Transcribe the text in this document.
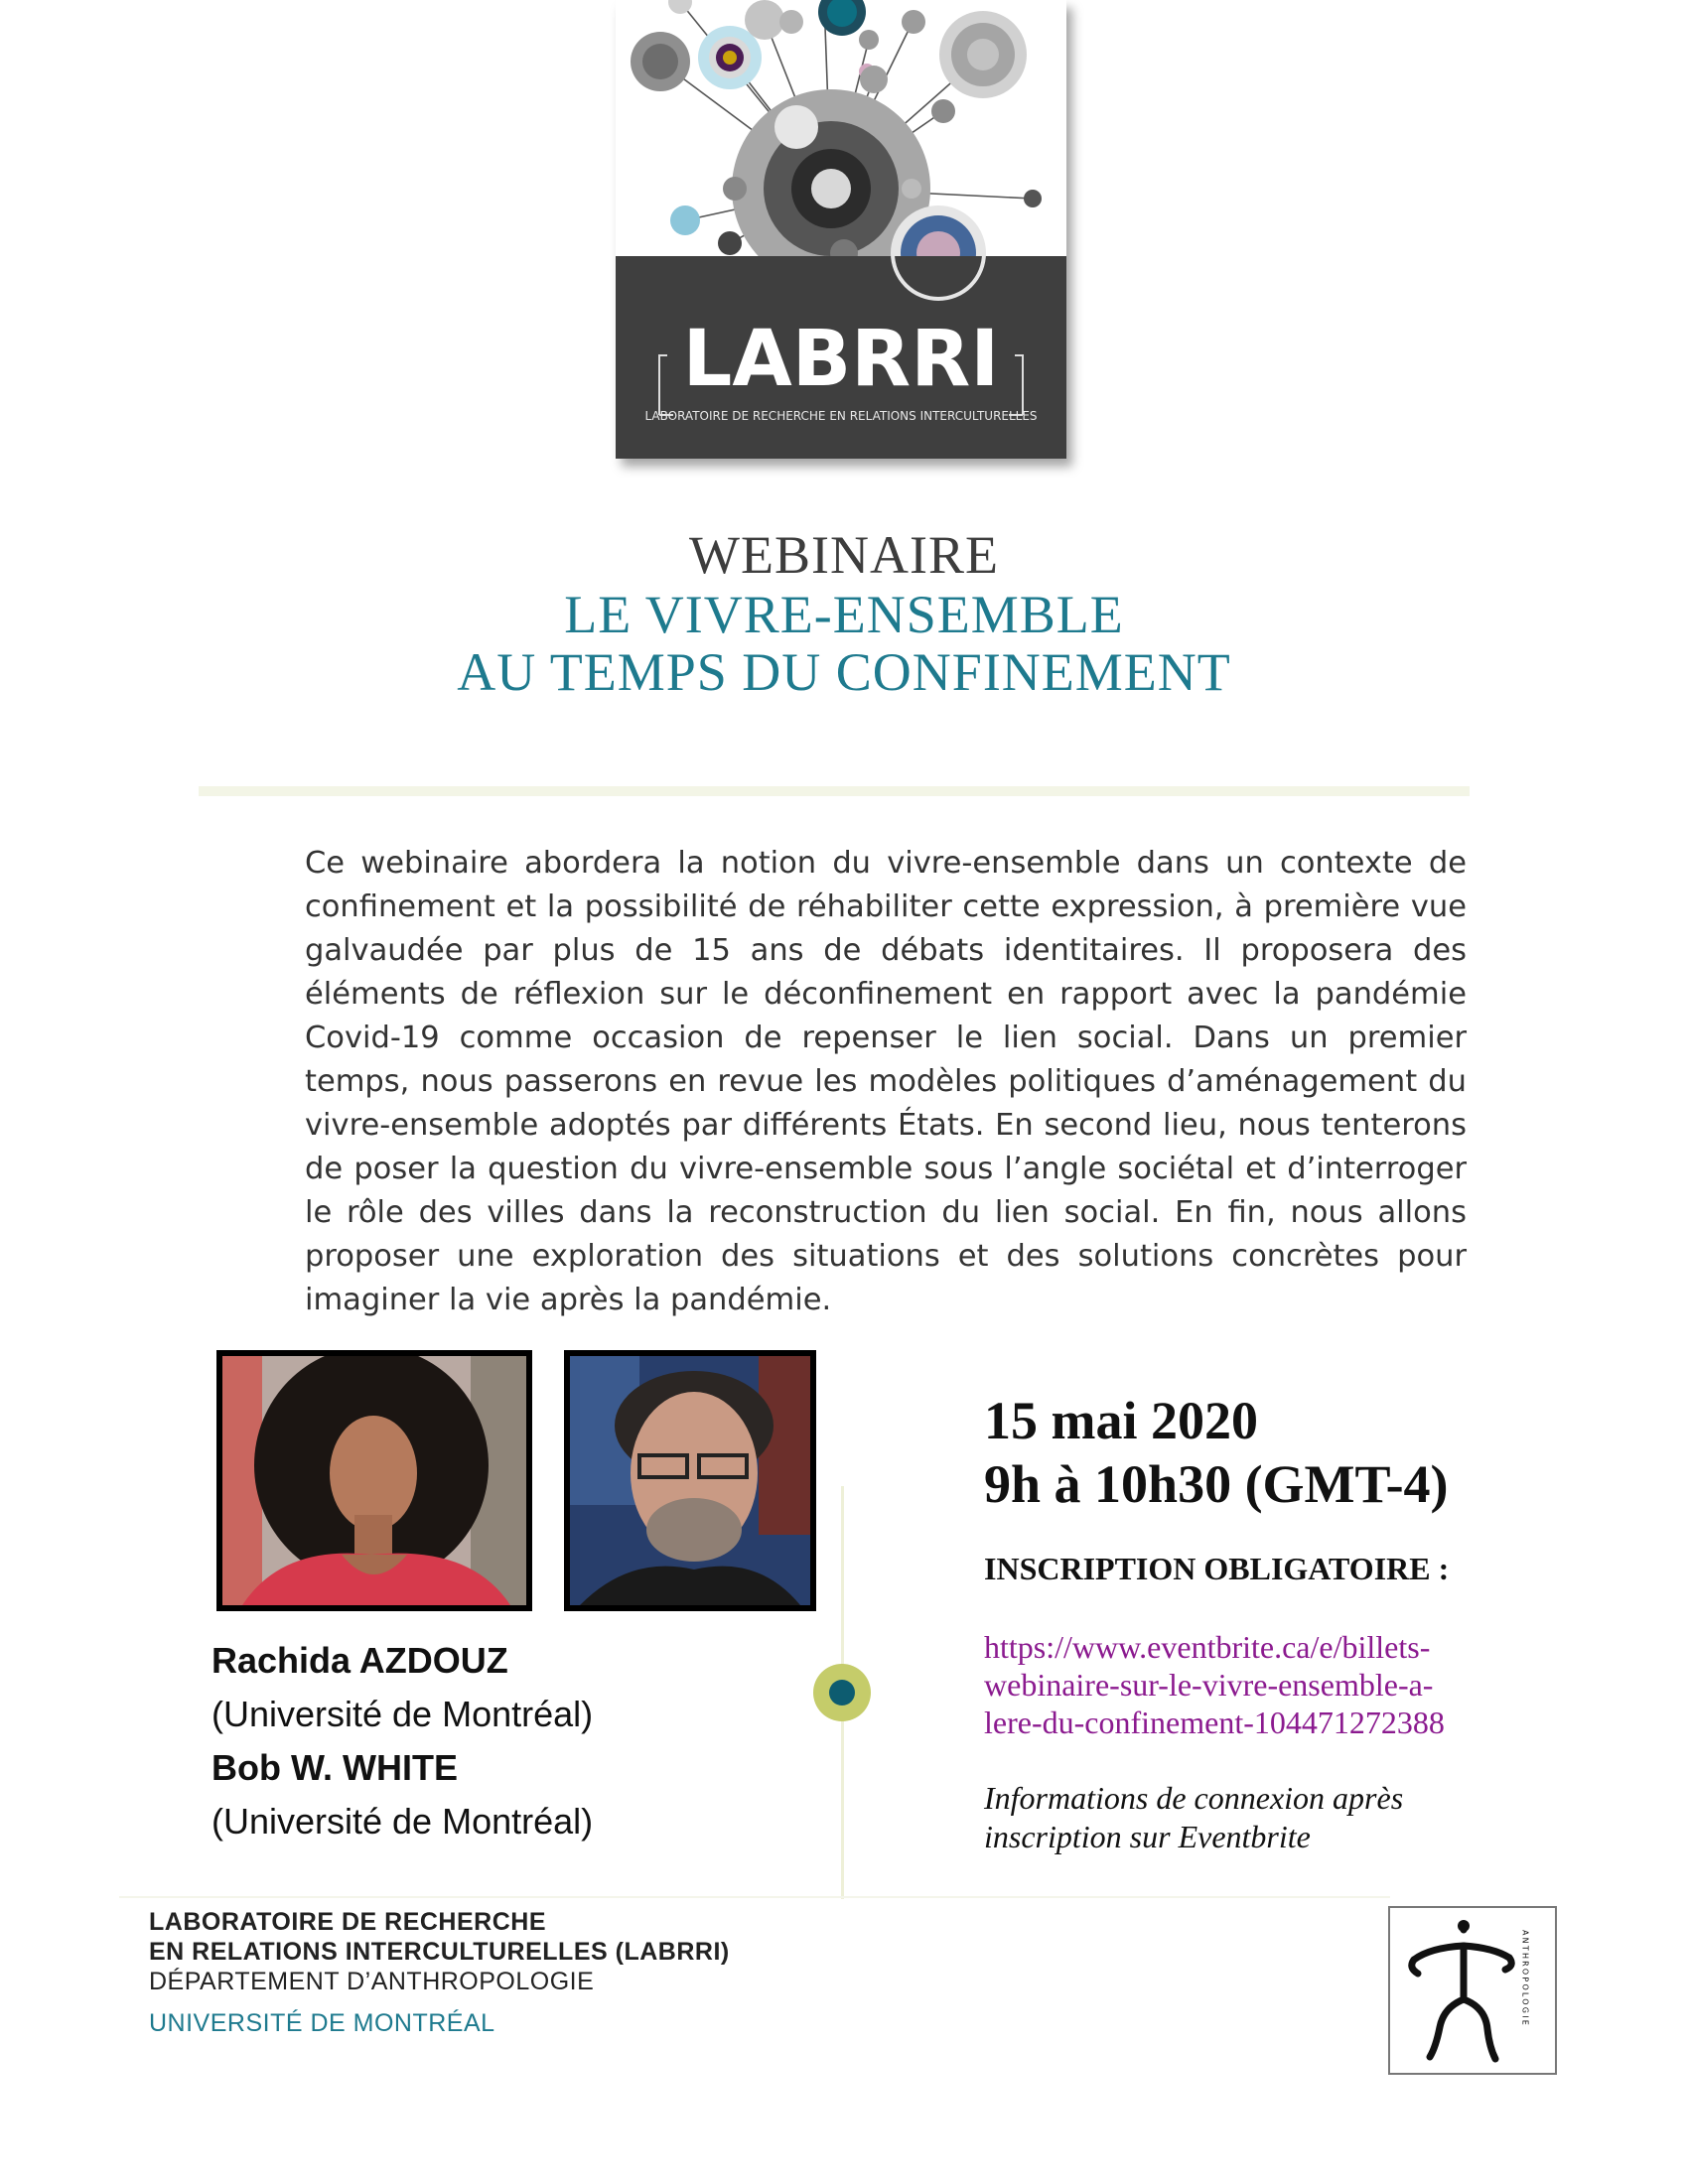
LABRRI
LABORATOIRE DE RECHERCHE EN RELATIONS INTERCULTURELLES
WEBINAIRE
LE VIVRE-ENSEMBLE
AU TEMPS DU CONFINEMENT

Ce webinaire abordera la notion du vivre-ensemble dans un contexte de confinement et la possibilité de réhabiliter cette expression, à première vue galvaudée par plus de 15 ans de débats identitaires. Il proposera des éléments de réflexion sur le déconfinement en rapport avec la pandémie Covid-19 comme occasion de repenser le lien social. Dans un premier temps, nous passerons en revue les modèles politiques d’aménagement du vivre-ensemble adoptés par différents États. En second lieu, nous tenterons de poser la question du vivre-ensemble sous l’angle sociétal et d’interroger le rôle des villes dans la reconstruction du lien social. En fin, nous allons proposer une exploration des situations et des solutions concrètes pour imaginer la vie après la pandémie.

Rachida AZDOUZ
(Université de Montréal)
Bob W. WHITE
(Université de Montréal)
15 mai 2020
9h à 10h30 (GMT-4)
INSCRIPTION OBLIGATOIRE :
https://www.eventbrite.ca/e/billets-
webinaire-sur-le-vivre-ensemble-a-
lere-du-confinement-104471272388
Informations de connexion après
inscription sur Eventbrite
LABORATOIRE DE RECHERCHE
EN RELATIONS INTERCULTURELLES (LABRRI)
DÉPARTEMENT D’ANTHROPOLOGIE
UNIVERSITÉ DE MONTRÉAL	ANTHROPOLOGIE
